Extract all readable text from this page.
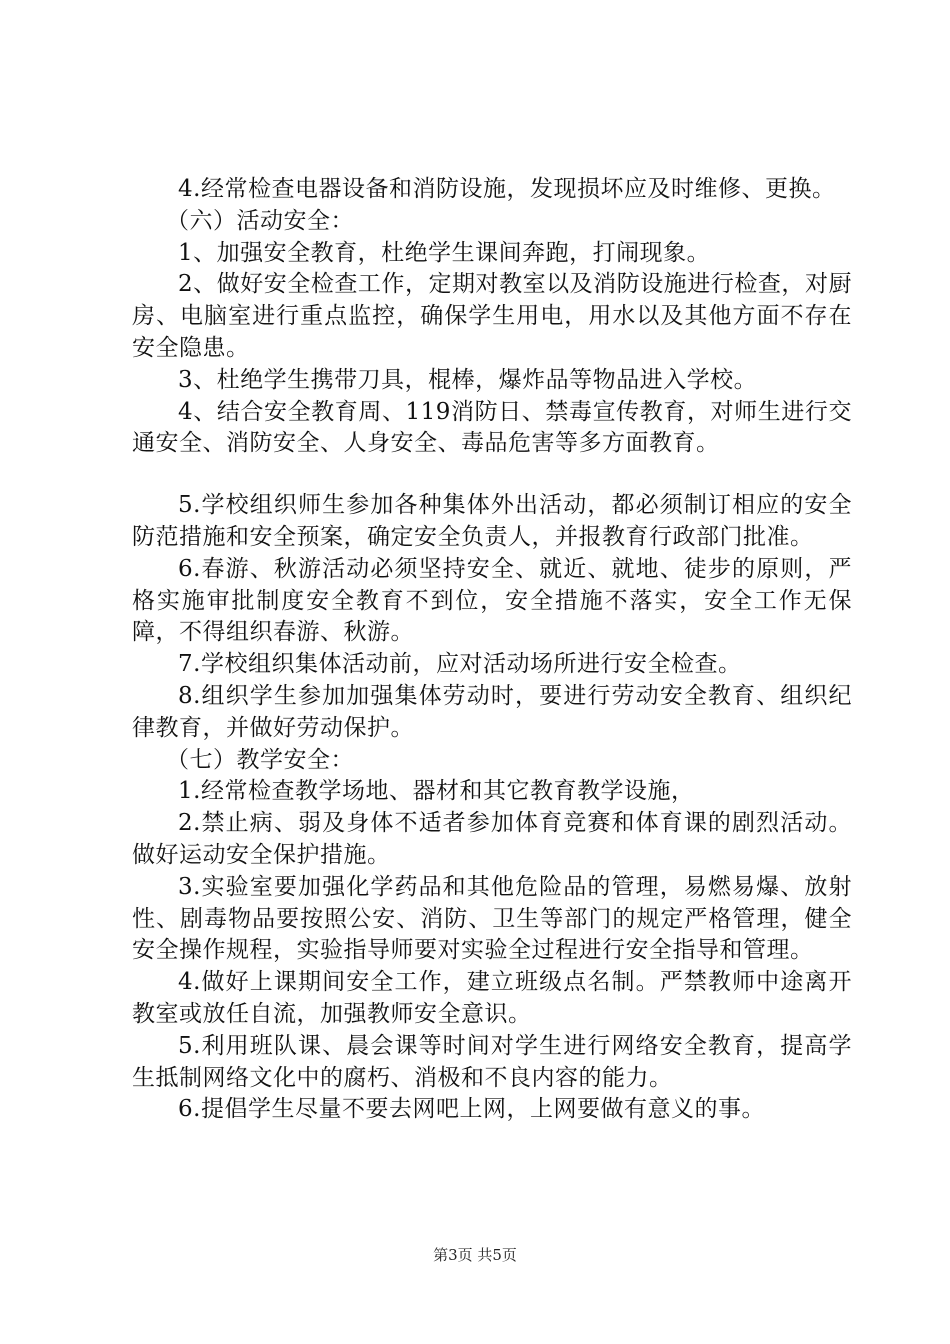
4.经常检查电器设备和消防设施，发现损坏应及时维修、更换。

（六）活动安全：

1、加强安全教育，杜绝学生课间奔跑，打闹现象。

2、做好安全检查工作，定期对教室以及消防设施进行检查，对厨房、电脑室进行重点监控，确保学生用电，用水以及其他方面不存在安全隐患。

3、杜绝学生携带刀具，棍棒，爆炸品等物品进入学校。

4、结合安全教育周、119消防日、禁毒宣传教育，对师生进行交通安全、消防安全、人身安全、毒品危害等多方面教育。

5.学校组织师生参加各种集体外出活动，都必须制订相应的安全防范措施和安全预案，确定安全负责人，并报教育行政部门批准。

6.春游、秋游活动必须坚持安全、就近、就地、徒步的原则，严格实施审批制度安全教育不到位，安全措施不落实，安全工作无保障，不得组织春游、秋游。

7.学校组织集体活动前，应对活动场所进行安全检查。

8.组织学生参加加强集体劳动时，要进行劳动安全教育、组织纪律教育，并做好劳动保护。

（七）教学安全：

1.经常检查教学场地、器材和其它教育教学设施，

2.禁止病、弱及身体不适者参加体育竞赛和体育课的剧烈活动。做好运动安全保护措施。

3.实验室要加强化学药品和其他危险品的管理，易燃易爆、放射性、剧毒物品要按照公安、消防、卫生等部门的规定严格管理，健全安全操作规程，实验指导师要对实验全过程进行安全指导和管理。

4.做好上课期间安全工作，建立班级点名制。严禁教师中途离开教室或放任自流，加强教师安全意识。

5.利用班队课、晨会课等时间对学生进行网络安全教育，提高学生抵制网络文化中的腐朽、消极和不良内容的能力。

6.提倡学生尽量不要去网吧上网，上网要做有意义的事。

第3页 共5页
